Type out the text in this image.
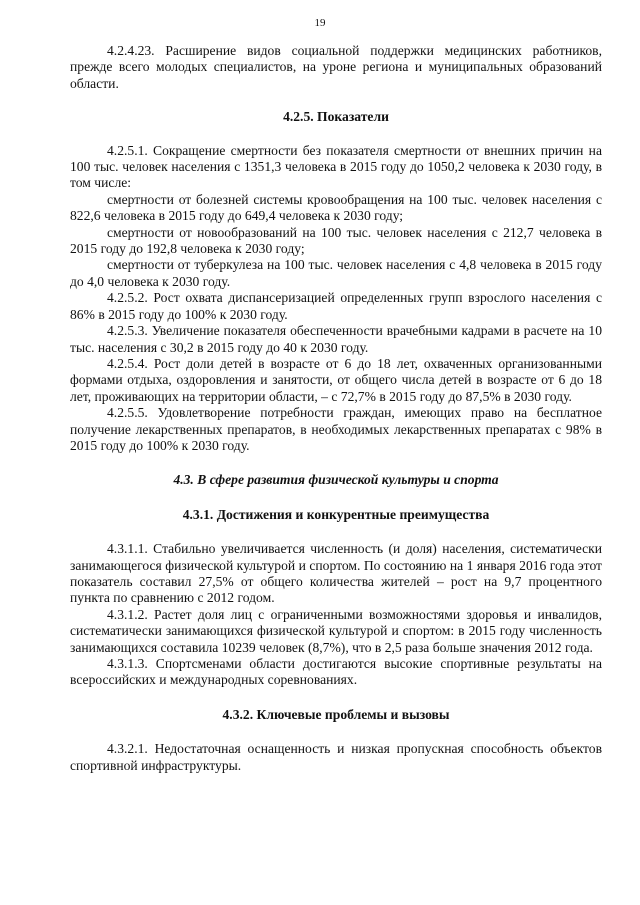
19

4.2.4.23. Расширение видов социальной поддержки медицинских работников, прежде всего молодых специалистов, на уроне региона и муниципальных образований области.

4.2.5. Показатели

4.2.5.1. Сокращение смертности без показателя смертности от внешних причин на 100 тыс. человек населения с 1351,3 человека в 2015 году до 1050,2 человека к 2030 году, в том числе:

смертности от болезней системы кровообращения на 100 тыс. человек населения с 822,6 человека в 2015 году до 649,4 человека к 2030 году;

смертности от новообразований на 100 тыс. человек населения с 212,7 человека в 2015 году до 192,8 человека к 2030 году;

смертности от туберкулеза на 100 тыс. человек населения с 4,8 человека в 2015 году до 4,0 человека к 2030 году.

4.2.5.2. Рост охвата диспансеризацией определенных групп взрослого населения с 86% в 2015 году до 100% к 2030 году.

4.2.5.3. Увеличение показателя обеспеченности врачебными кадрами в расчете на 10 тыс. населения с 30,2 в 2015 году до 40 к 2030 году.

4.2.5.4. Рост доли детей в возрасте от 6 до 18 лет, охваченных организованными формами отдыха, оздоровления и занятости, от общего числа детей в возрасте от 6 до 18 лет, проживающих на территории области, – с 72,7% в 2015 году до 87,5% в 2030 году.

4.2.5.5. Удовлетворение потребности граждан, имеющих право на бесплатное получение лекарственных препаратов, в необходимых лекарственных препаратах с 98% в 2015 году до 100% к 2030 году.

4.3. В сфере развития физической культуры и спорта
4.3.1. Достижения и конкурентные преимущества

4.3.1.1. Стабильно увеличивается численность (и доля) населения, систематически занимающегося физической культурой и спортом. По состоянию на 1 января 2016 года этот показатель составил 27,5% от общего количества жителей – рост на 9,7 процентного пункта по сравнению с 2012 годом.

4.3.1.2. Растет доля лиц с ограниченными возможностями здоровья и инвалидов, систематически занимающихся физической культурой и спортом: в 2015 году численность занимающихся составила 10239 человек (8,7%), что в 2,5 раза больше значения 2012 года.

4.3.1.3. Спортсменами области достигаются высокие спортивные результаты на всероссийских и международных соревнованиях.

4.3.2. Ключевые проблемы и вызовы

4.3.2.1. Недостаточная оснащенность и низкая пропускная способность объектов спортивной инфраструктуры.
